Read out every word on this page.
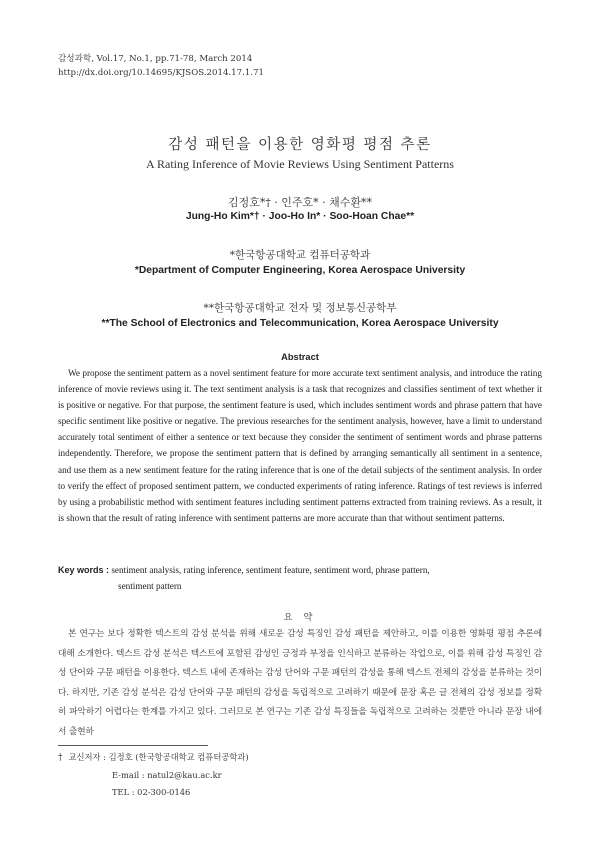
감성과학, Vol.17, No.1, pp.71-78, March 2014
http://dx.doi.org/10.14695/KJSOS.2014.17.1.71
감성 패턴을 이용한 영화평 평점 추론
A Rating Inference of Movie Reviews Using Sentiment Patterns
김정호*† · 인주호* · 채수환**
Jung-Ho Kim*† · Joo-Ho In* · Soo-Hoan Chae**
*한국항공대학교 컴퓨터공학과
*Department of Computer Engineering, Korea Aerospace University
**한국항공대학교 전자 및 정보통신공학부
**The School of Electronics and Telecommunication, Korea Aerospace University
Abstract

We propose the sentiment pattern as a novel sentiment feature for more accurate text sentiment analysis, and introduce the rating inference of movie reviews using it. The text sentiment analysis is a task that recognizes and classifies sentiment of text whether it is positive or negative. For that purpose, the sentiment feature is used, which includes sentiment words and phrase pattern that have specific sentiment like positive or negative. The previous researches for the sentiment analysis, however, have a limit to understand accurately total sentiment of either a sentence or text because they consider the sentiment of sentiment words and phrase patterns independently. Therefore, we propose the sentiment pattern that is defined by arranging semantically all sentiment in a sentence, and use them as a new sentiment feature for the rating inference that is one of the detail subjects of the sentiment analysis. In order to verify the effect of proposed sentiment pattern, we conducted experiments of rating inference. Ratings of test reviews is inferred by using a probabilistic method with sentiment features including sentiment patterns extracted from training reviews. As a result, it is shown that the result of rating inference with sentiment patterns are more accurate than that without sentiment patterns.

Key words : sentiment analysis, rating inference, sentiment feature, sentiment word, phrase pattern,
sentiment pattern
요 약

본 연구는 보다 정확한 텍스트의 감성 분석을 위해 새로운 감성 특징인 감성 패턴을 제안하고, 이를 이용한 영화평 평점 추론에 대해 소개한다. 텍스트 감성 분석은 텍스트에 포함된 감성인 긍정과 부정을 인식하고 분류하는 작업으로, 이를 위해 감성 특징인 감성 단어와 구문 패턴을 이용한다. 텍스트 내에 존재하는 감성 단어와 구문 패턴의 감성을 통해 텍스트 전체의 감성을 분류하는 것이다. 하지만, 기존 감성 분석은 감성 단어와 구문 패턴의 감성을 독립적으로 고려하기 때문에 문장 혹은 글 전체의 감성 정보를 정확히 파악하기 어렵다는 한계를 가지고 있다. 그러므로 본 연구는 기존 감성 특징들을 독립적으로 고려하는 것뿐만 아니라 문장 내에서 출현하

† 교신저자 : 김정호 (한국항공대학교 컴퓨터공학과)
E-mail : natul2@kau.ac.kr
TEL : 02-300-0146
